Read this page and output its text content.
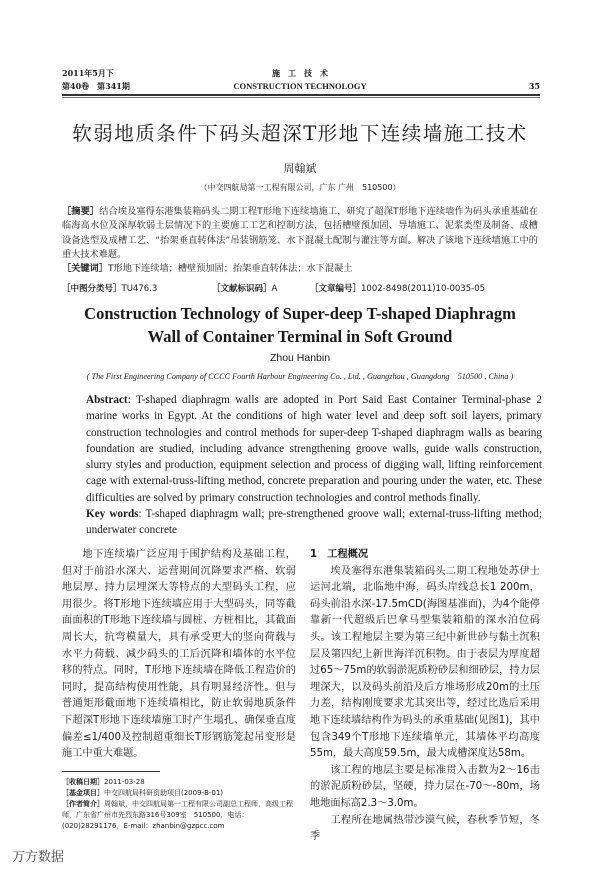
2011年5月下
第40卷　第341期
施　工　技　术
CONSTRUCTION TECHNOLOGY	35
软弱地质条件下码头超深T形地下连续墙施工技术
周翰斌
（中交四航局第一工程有限公司，广东 广州　510500）
［摘要］结合埃及塞得东港集装箱码头二期工程T形地下连续墙施工，研究了超深T形地下连续墙作为码头承重基础在临海高水位及深厚软弱土层情况下的主要施工工艺和控制方法，包括槽壁预加固、导墙施工、泥浆类型及制备、成槽设备选型及成槽工艺、“抬架垂直转体法”吊装钢筋笼、水下混凝土配制与灌注等方面。解决了该地下连续墙施工中的重大技术难题。
［关键词］T形地下连续墙；槽壁预加固；抬架垂直转体法；水下混凝土
［中图分类号］TU476.3	［文献标识码］A	［文章编号］1002-8498(2011)10-0035-05
Construction Technology of Super-deep T-shaped Diaphragm
Wall of Container Terminal in Soft Ground
Zhou Hanbin
( The First Engineering Company of CCCC Fourth Harbour Engineering Co. , Ltd. , Guangzhou , Guangdong　510500 , China )
Abstract: T-shaped diaphragm walls are adopted in Port Said East Container Terminal-phase 2 marine works in Egypt. At the conditions of high water level and deep soft soil layers, primary construction technologies and control methods for super-deep T-shaped diaphragm walls as bearing foundation are studied, including advance strengthening groove walls, guide walls construction, slurry styles and production, equipment selection and process of digging wall, lifting reinforcement cage with external-truss-lifting method, concrete preparation and pouring under the water, etc. These difficulties are solved by primary construction technologies and control methods finally.
Key words: T-shaped diaphragm wall; pre-strengthened groove wall; external-truss-lifting method; underwater concrete

地下连续墙广泛应用于围护结构及基础工程，但对于前沿水深大、运营期间沉降要求严格、软弱地层厚、持力层埋深大等特点的大型码头工程，应用很少。将T形地下连续墙应用于大型码头，同等截面面积的T形地下连续墙与圆桩、方桩相比，其截面周长大，抗弯模量大，具有承受更大的竖向荷载与水平力荷载、减少码头的工后沉降和墙体的水平位移的特点。同时，T形地下连续墙在降低工程造价的同时，提高结构使用性能，具有明显经济性。但与普通矩形截面地下连续墙相比，防止软弱地质条件下超深T形地下连续墙施工时产生塌孔、确保垂直度偏差≤1/400及控制超重细长T形钢筋笼起吊变形是施工中重大难题。

［收稿日期］2011-03-28
［基金项目］中交四航局科研资助项目(2009-B-01)
［作者简介］周翰斌，中交四航局第一工程有限公司副总工程师，高级工程师，广东省广州市先烈东路316号309室　510500，电话：(020)28291176，E-mail：zhanbin@gzpcc.com
1　工程概况

埃及塞得东港集装箱码头二期工程地处苏伊士运河北端，北临地中海，码头岸线总长1 200m，码头前沿水深-17.5mCD(海图基准面)，为4个能停靠新一代超级后巴拿马型集装箱船的深水泊位码头。该工程地层主要为第三纪中新世砂与黏土沉积层及第四纪上新世海洋沉积物。由于表层为厚度超过65～75m的软弱淤泥质粉砂层和细砂层，持力层埋深大，以及码头前沿及后方堆场形成20m的土压力差，结构刚度要求尤其突出等，经过比选后采用地下连续墙结构作为码头的承重基础(见图1)，其中包含349个T形地下连续墙单元，其墙体平均高度55m，最大高度59.5m，最大成槽深度达58m。

该工程的地层主要是标准贯入击数为2～16击的淤泥质粉砂层，坚硬，持力层在-70～-80m，场地地面标高2.3～3.0m。

工程所在地属热带沙漠气候，春秋季节短，冬季

万方数据
